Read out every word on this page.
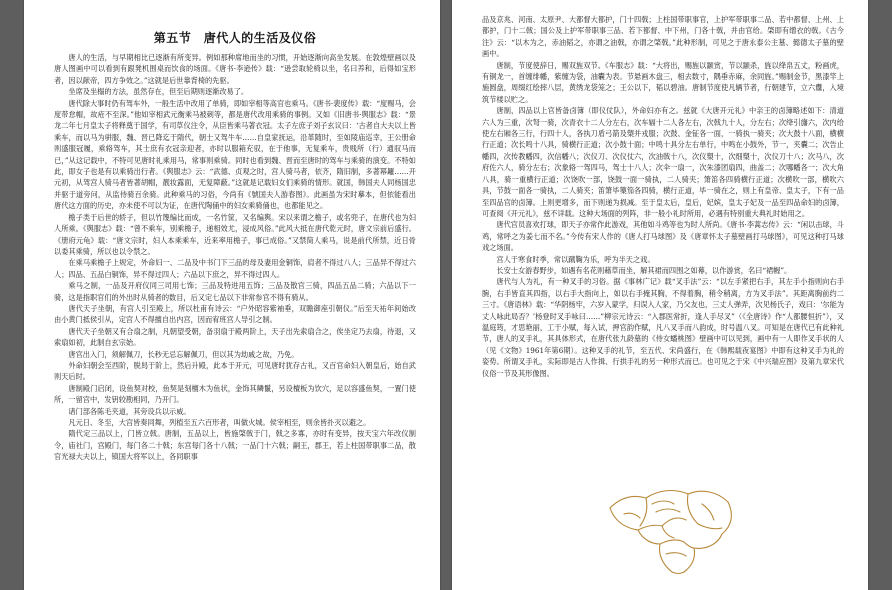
第五节　唐代人的生活及仪俗

唐人的生活，与早期相比已逐渐有所变异。例如那种席地而坐的习惯，开始逐渐向高坐发展。在敦煌壁画以及唐人图画中可以看到有跟凳机围桌而饮食的场面。《唐书·李逊传》载：“逊尝取轮椅以坐，名曰养和，后得如宝形者，因以献帝，四方争效之。”这就是后世靠背椅的先驱。

坐席及坐榻的方法，虽然存在，但至后期则逐渐改易了。

唐代除大事时仍有驾车外，一般生活中改用了单骑，即如宰相等高官也乘马。《唐书·裴度传》载：“度赐马，会度带怠帽，故疮不至深。”他如宰相武元衡乘马被刺等，都是唐代改用乘骑的事例。又如《旧唐书·舆服志》载：“景龙二年七月皇太子将释奠于国学，有司草仪注令，从臣皆乘马著衣冠。太子左庶子刘子玄议曰：‘古者自大夫以上皆乘车，而以马为骈服，魏、晋已降迄于隋代，朝士又驾牛车……自皇家抚运，沿革随时，至如陵庙巡幸，王公册命则盛服冠履，乘辂驾车，其士庶有衣冠亲迎者，亦时以服箱充驭，在于他事，无复乘车，贵贱所（行）通驭马而已，”从这记载中，不特可见唐时礼乘用马，常事则乘骑。同时也看到魏、晋而至唐时的驾车与乘骑的演变。不特如此，即女子也是有以乘骑出行者。《舆服志》云：“武德、贞观之时，宫人骑马者，依齐，隋旧制，多著幂䍦……开元初，从驾宫人骑马者皆著胡帽，靓妆露面，无复障蔽。”这就是记载妇女们乘骑的情形。就国，韩国夫人同杨国忠并驱于道旁问，从监侍骑百余骑。此种乘马的习俗，今尚有《號国夫人游春图》。此画虽为宋时摹本，但依能看出唐代这方面的历史，亦未使不可以为证，在唐代陶俑中的妇女乘骑俑也，也都能见之。

檐子类于后世的轿子，但以竹篾编比而成，一名竹筐，又名编舆。宋以来谓之檐子，或名兜子，在唐代也为妇人所乘。《舆服志》载：“曾不乘车，别乘檐子，递相效尤，浸成风俗。”此风大抵在唐代乾元时，唐文宗前后盛行。《册府元龟》载：“唐文宗时，妇人本乘乘车，近来率用檐子，事已成俗。”又禁简人乘马，说是前代所禁，近日骨以委其乘骑，所以也以令禁之。

在乘马乘檐子上规定，外命妇一、二品及中书门下三品的母及妻用金铜饰，肩者不得过八人；三品异不得过六人；四品、五品白铜饰，异不得过四人；六品以下庶之，异不得过四人。

乘马之制，一品及开府仪同三司用七饰；三品及特进用五饰；三品及散官三骑，四品五品二骑；六品以下一骑，这是指职官们的外出时从骑者的数目，后又定七品以下非常参官不得有骑从。

唐代天子坐朝，有宫人引至殿上，所以杜甫有诗云：“户外昭容紫袖垂，双瞻御座引朝仪。”后至天祐年间始改由小黄门抵侯引从，定宫人不得擅自出内宫，因而宥班宫人导引之制。

唐代天子坐朝又有合扇之制，凡朝望受朝，备羽扇于殿两阶上，天子出先索扇合之，俟坐定乃去扇，待退，又索扇如初，此制自玄宗始。

唐官出入门，须解佩刀，长秒无忌忘解佩刀，但以其为劫戚之故，乃免。

外命妇朝会至西阶，脱舄于阶上，然后升殿，此本于开元，可见唐时犹存古礼，又百官命妇入朝皇后，始自武则天后时。

唐制殿门启闭，设鱼契对校，鱼契是刻檀木为鱼状，金饰其鳞鬣，另设檀板为饮穴，足以容盛鱼契，一置门使所，一留宫中，发钥较勘相同，乃开门。

诸门部各陈毛夹道，其旁设兵以示威。

凡元日、冬至，大宫皆奏同舞，列植至五六百形者，叫做火城。侯宰相至，则余皆扑灭以避之。

隋代定三品以上，门皆立戟。唐制，五品以上，皆施棨戟于门，戟之多寡，亦时有变异，按天宝六年改仪制令，庙社门，宫殿门，每门各二十戟；东宫每门各十八戟；一品门十六戟；嗣王，郡王，若上柱国带职事二品，散官光禄大夫以上，镇国大将军以上，各同职事

品及京兆、河南、太原尹、大都督大都护，门十四戟；上柱国带职事官，上护军带职事二品、若中都督、上州、上都护，门十二戟；国公及上护军带职事三品、若下都督、中下州，门各十戟，并由官给。棨即有缯衣的戟。《古今注》云：“以木为之，赤油韬之，亦谓之油戟，亦谓之棨戟。”此种形制，可见之于唐永泰公主墓、懿德太子墓的壁画中。

唐制，节度使辞日，赐双旌双节。《车服志》载：“大将出，赐旌以颛赏，节以颛杀，旌以绛帛五丈，粉画虎，有铜龙一，首缠绯幡，紫缠为袋，油囊为表。节悬画木盘三，相去数寸，隅垂赤麻，余同旌。”赐制金节，黑漆竿上施圆盘，周缀红绘摔八层，黄绣龙袋笼之；王公以下，韬以碧油。唐制节度使凡辆节者，行朝建节，立六纛，入境筑节楼以贮之。

唐制，四品以上官皆备卤簿（即仪仗队），外命妇亦有之。兹就《大唐开元礼》中亲王的卤簿略述如下：清道六人为三重，次弩一骑，次青衣十二人分左右，次车辐十二人各左右，次戟九十人，分左右；次绛引旛六，次内给使左右厢各三行，行四十人，各执刀盾弓箭及槊并戎服；次鼓、金钲各一面，一骑执一骑夹；次大鼓十八面，横横行正道；次长鸣十八具，骑横行正道；次小鼓十面；中鸣十具分左右单行，中鸣在小鼓外，节一，夹囊二；次告止幡四，次传教幡四，次信幡八；次仪刀、次仪仗六，次油戟十八，次仪槊十，次细槊十，次仪刀十八；次马八，次府佐六人，骑分左右；次象辂一驾四马，驾士十八人；次伞一扇一，次朱漆团扇四，曲盖二；次哪幡各一；次大角八具，骑一重横行正道；次饶吹一部，饶鼓一面一骑执，二人骑夹；箫笛各四骑横行正道；次横吹一部，横吹六具，节鼓一面各一骑执，二人骑夹；笛箫毕篥笳各四骑，横行正道，毕一骑在之，则上有皇帝、皇太子，下有一品至四品官的卤簿。上则更增多，而下则递为损减。至于皇太后，皇后，妃嫔，皇太子妃及一品至四品命妇的卤簿，可查阅《开元礼》，兹不详载。这种大场面的列阵，非一般小礼时所用，必遇有特别重大典礼时始用之。

唐代官员喜欢打球，即天子亦常作此游戏，其他如斗鸡等也为时人所尚。《唐书·李蒿志传》云：“闲以击球，斗鸡，常呼之为姜七而不名。”今传有宋人作的《唐人打马球图》及《唐章怀太子墓壁画打马球图》，可见这种打马球戏之场面。

宫人于寒食时季，常以蹴鞠为乐，呼为半天之戏。

长安士女游春野步，如遇有名花则藉草而坐，解其裙而四围之如幕，以作游赏，名曰“裙幄”。

唐代与人为礼，有一种叉手的习俗。据《事林广记》载“叉手法”云：“以左手紧把右手，其左手小指则向右手腕，右手皆直其四指，以右手大指向上，如以右手掩其胸，不得着胸，稍令稍离，方为叉手法”。其距离胸前约二三寸。《唐语林》载：“华阴杨牢，六岁入蒙学，归误入人家，乃父友也，三丈人弹弄，次见杨氏子，戏曰：‘尔能为丈人咏此局否？’杨登时叉手咏曰……”柳宗元诗云：“入郡医常折，逢人手尽叉”（《全唐诗》作“人都腰恒折”），又温庭筠，才思艳丽，工于小赋，每入试，押官韵作赋，凡八叉手而八韵成，时号温八叉。可知是在唐代已有此种礼节，唐人的叉手礼，其具体形式，在唐代张九龄墓的《侍女蟠桃图》壁画中可以见到，画中有一人即作叉手状的人（见《文物》1961年第6期）。这种叉手的礼节，至五代、宋尚盛行，在《韩熙载夜宴图》中即有这种叉手为礼的姿势。所谓叉手礼，实际即是古人作揖、行拱手礼的另一种形式而已。也可见之于宋《中兴瑞应图》及第九章宋代仪俗一节及其形像图。
